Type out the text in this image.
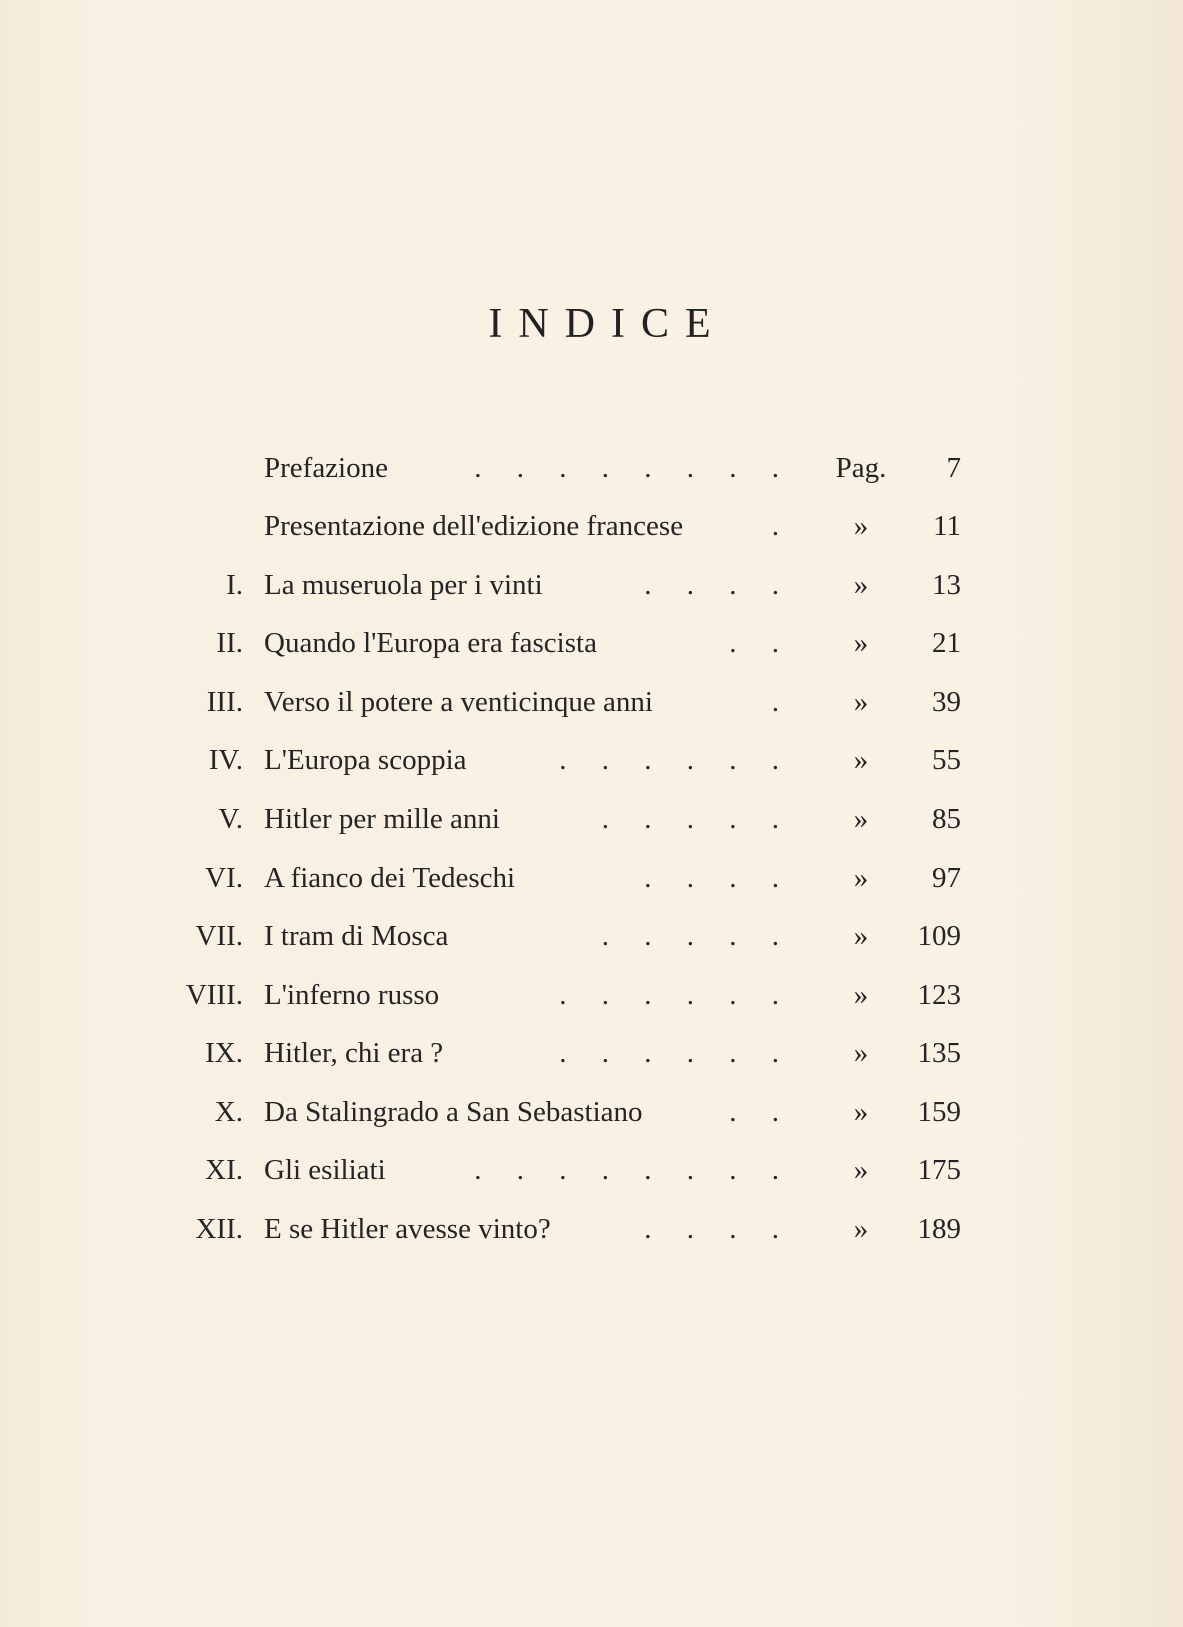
INDICE
Prefazione	. . . . . . . .	Pag.	7
Presentazione dell'edizione francese	.	»	11
I. La museruola per i vinti	. . . .	»	13
II. Quando l'Europa era fascista	. .	»	21
III. Verso il potere a venticinque anni	.	»	39
IV. L'Europa scoppia	. . . . . .	»	55
V. Hitler per mille anni	. . . . .	»	85
VI. A fianco dei Tedeschi	. . . .	»	97
VII. I tram di Mosca	. . . . .	»	109
VIII. L'inferno russo	. . . . . .	»	123
IX. Hitler, chi era ?	. . . . . .	»	135
X. Da Stalingrado a San Sebastiano	. .	»	159
XI. Gli esiliati	. . . . . . . .	»	175
XII. E se Hitler avesse vinto?	. . . .	»	189
